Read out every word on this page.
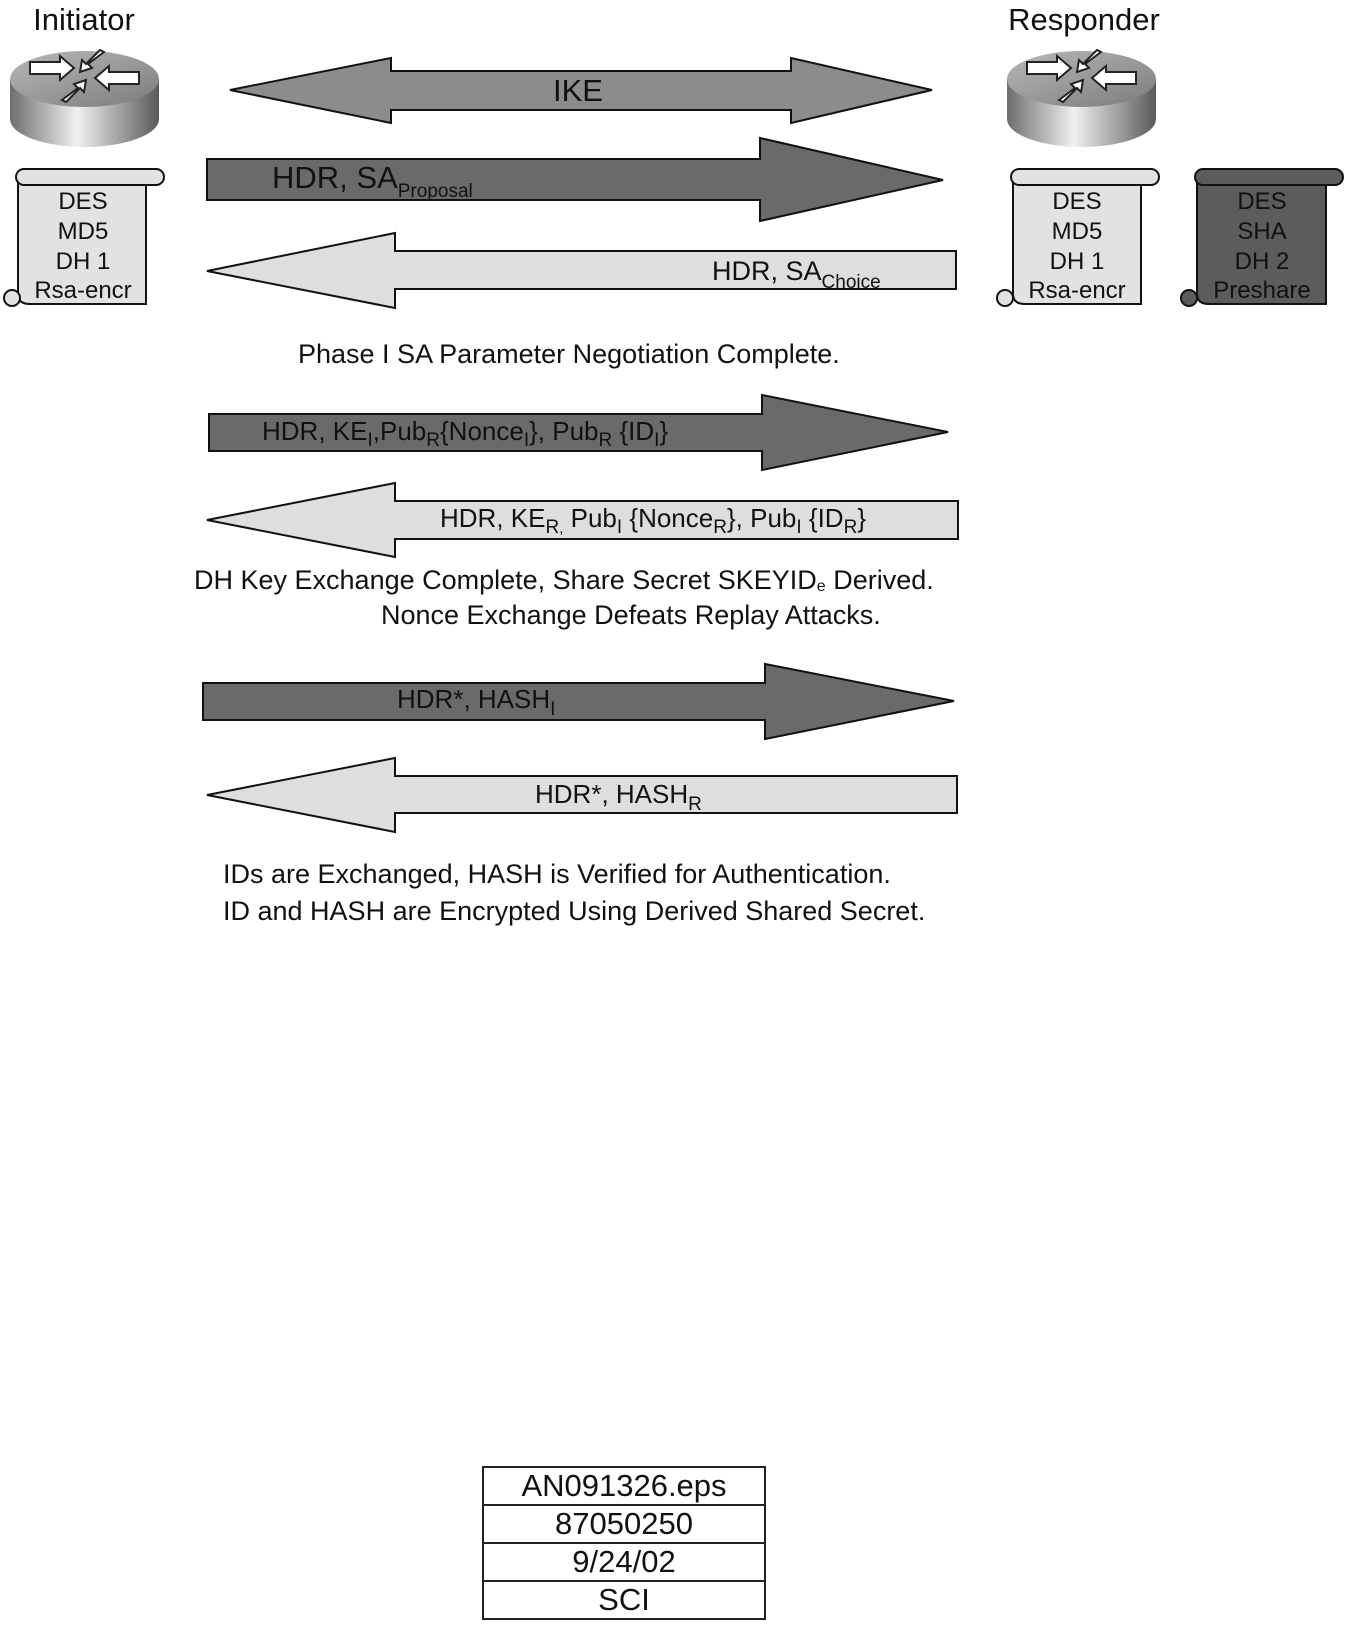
Initiator	Responder
IKE
DES
MD5
DH 1
Rsa-encr
DES
MD5
DH 1
Rsa-encr
DES
SHA
DH 2
Preshare
HDR, $SA_{Proposal}$
HDR, $SA_{Choice}$
HDR, $KE_I,Pub_R\{Nonce_I\}$, Pub$_R$ $\{ID_I\}$
HDR, $KE_R$, Pub$_I$ {Nonce$_R$}, Pub$_I$ $\{ID_R\}$
HDR*, $HASH_I$
HDR*, $HASH_R$
Phase I SA Parameter Negotiation Complete.
DH Key Exchange Complete, Share Secret $SKEYID_e$ Derived.
Nonce Exchange Defeats Replay Attacks.
IDs are Exchanged, HASH is Verified for Authentication.
ID and HASH are Encrypted Using Derived Shared Secret.
AN091326.eps
87050250
9/24/02
SCI
